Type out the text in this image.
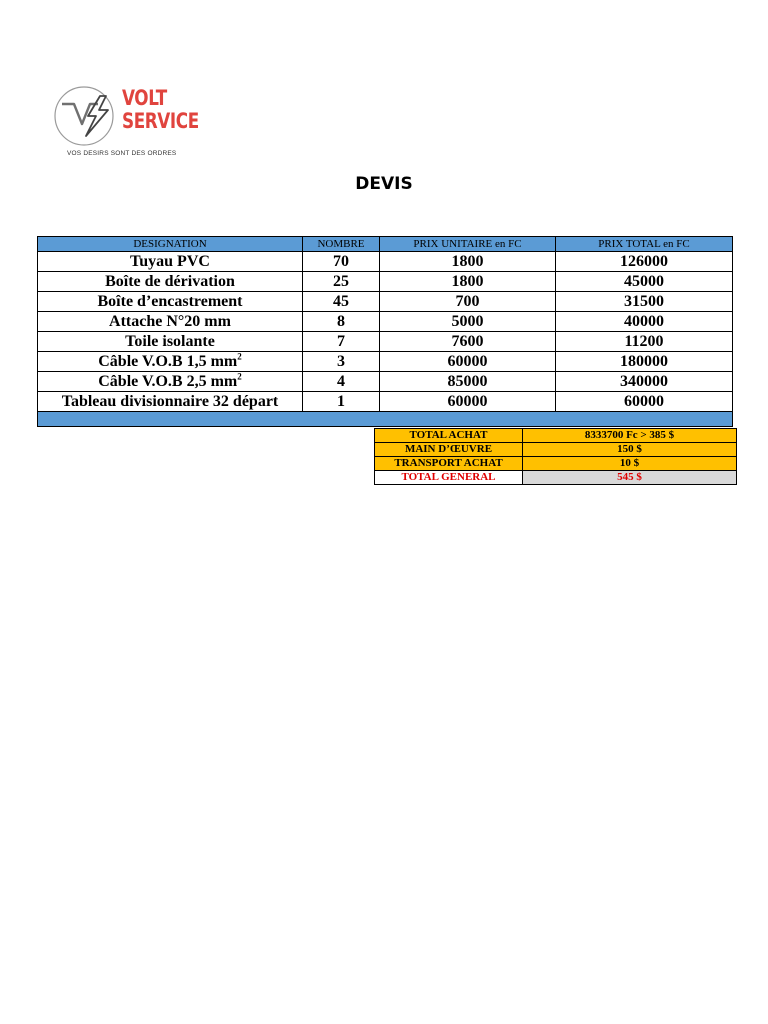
VOLT
SERVICE
VOS DESIRS SONT DES ORDRES
DEVIS
DESIGNATION	NOMBRE	PRIX UNITAIRE en FC	PRIX TOTAL en FC
Tuyau PVC	70	1800	126000
Boîte de dérivation	25	1800	45000
Boîte d’encastrement	45	700	31500
Attache N°20 mm	8	5000	40000
Toile isolante	7	7600	11200
Câble V.O.B 1,5 $mm^2$	3	60000	180000
Câble V.O.B 2,5 $mm^2$	4	85000	340000
Tableau divisionnaire 32 départ	1	60000	60000

TOTAL ACHAT	8333700 Fc > 385 $
MAIN D’ŒUVRE	150 $
TRANSPORT ACHAT	10 $
TOTAL GENERAL	545 $
